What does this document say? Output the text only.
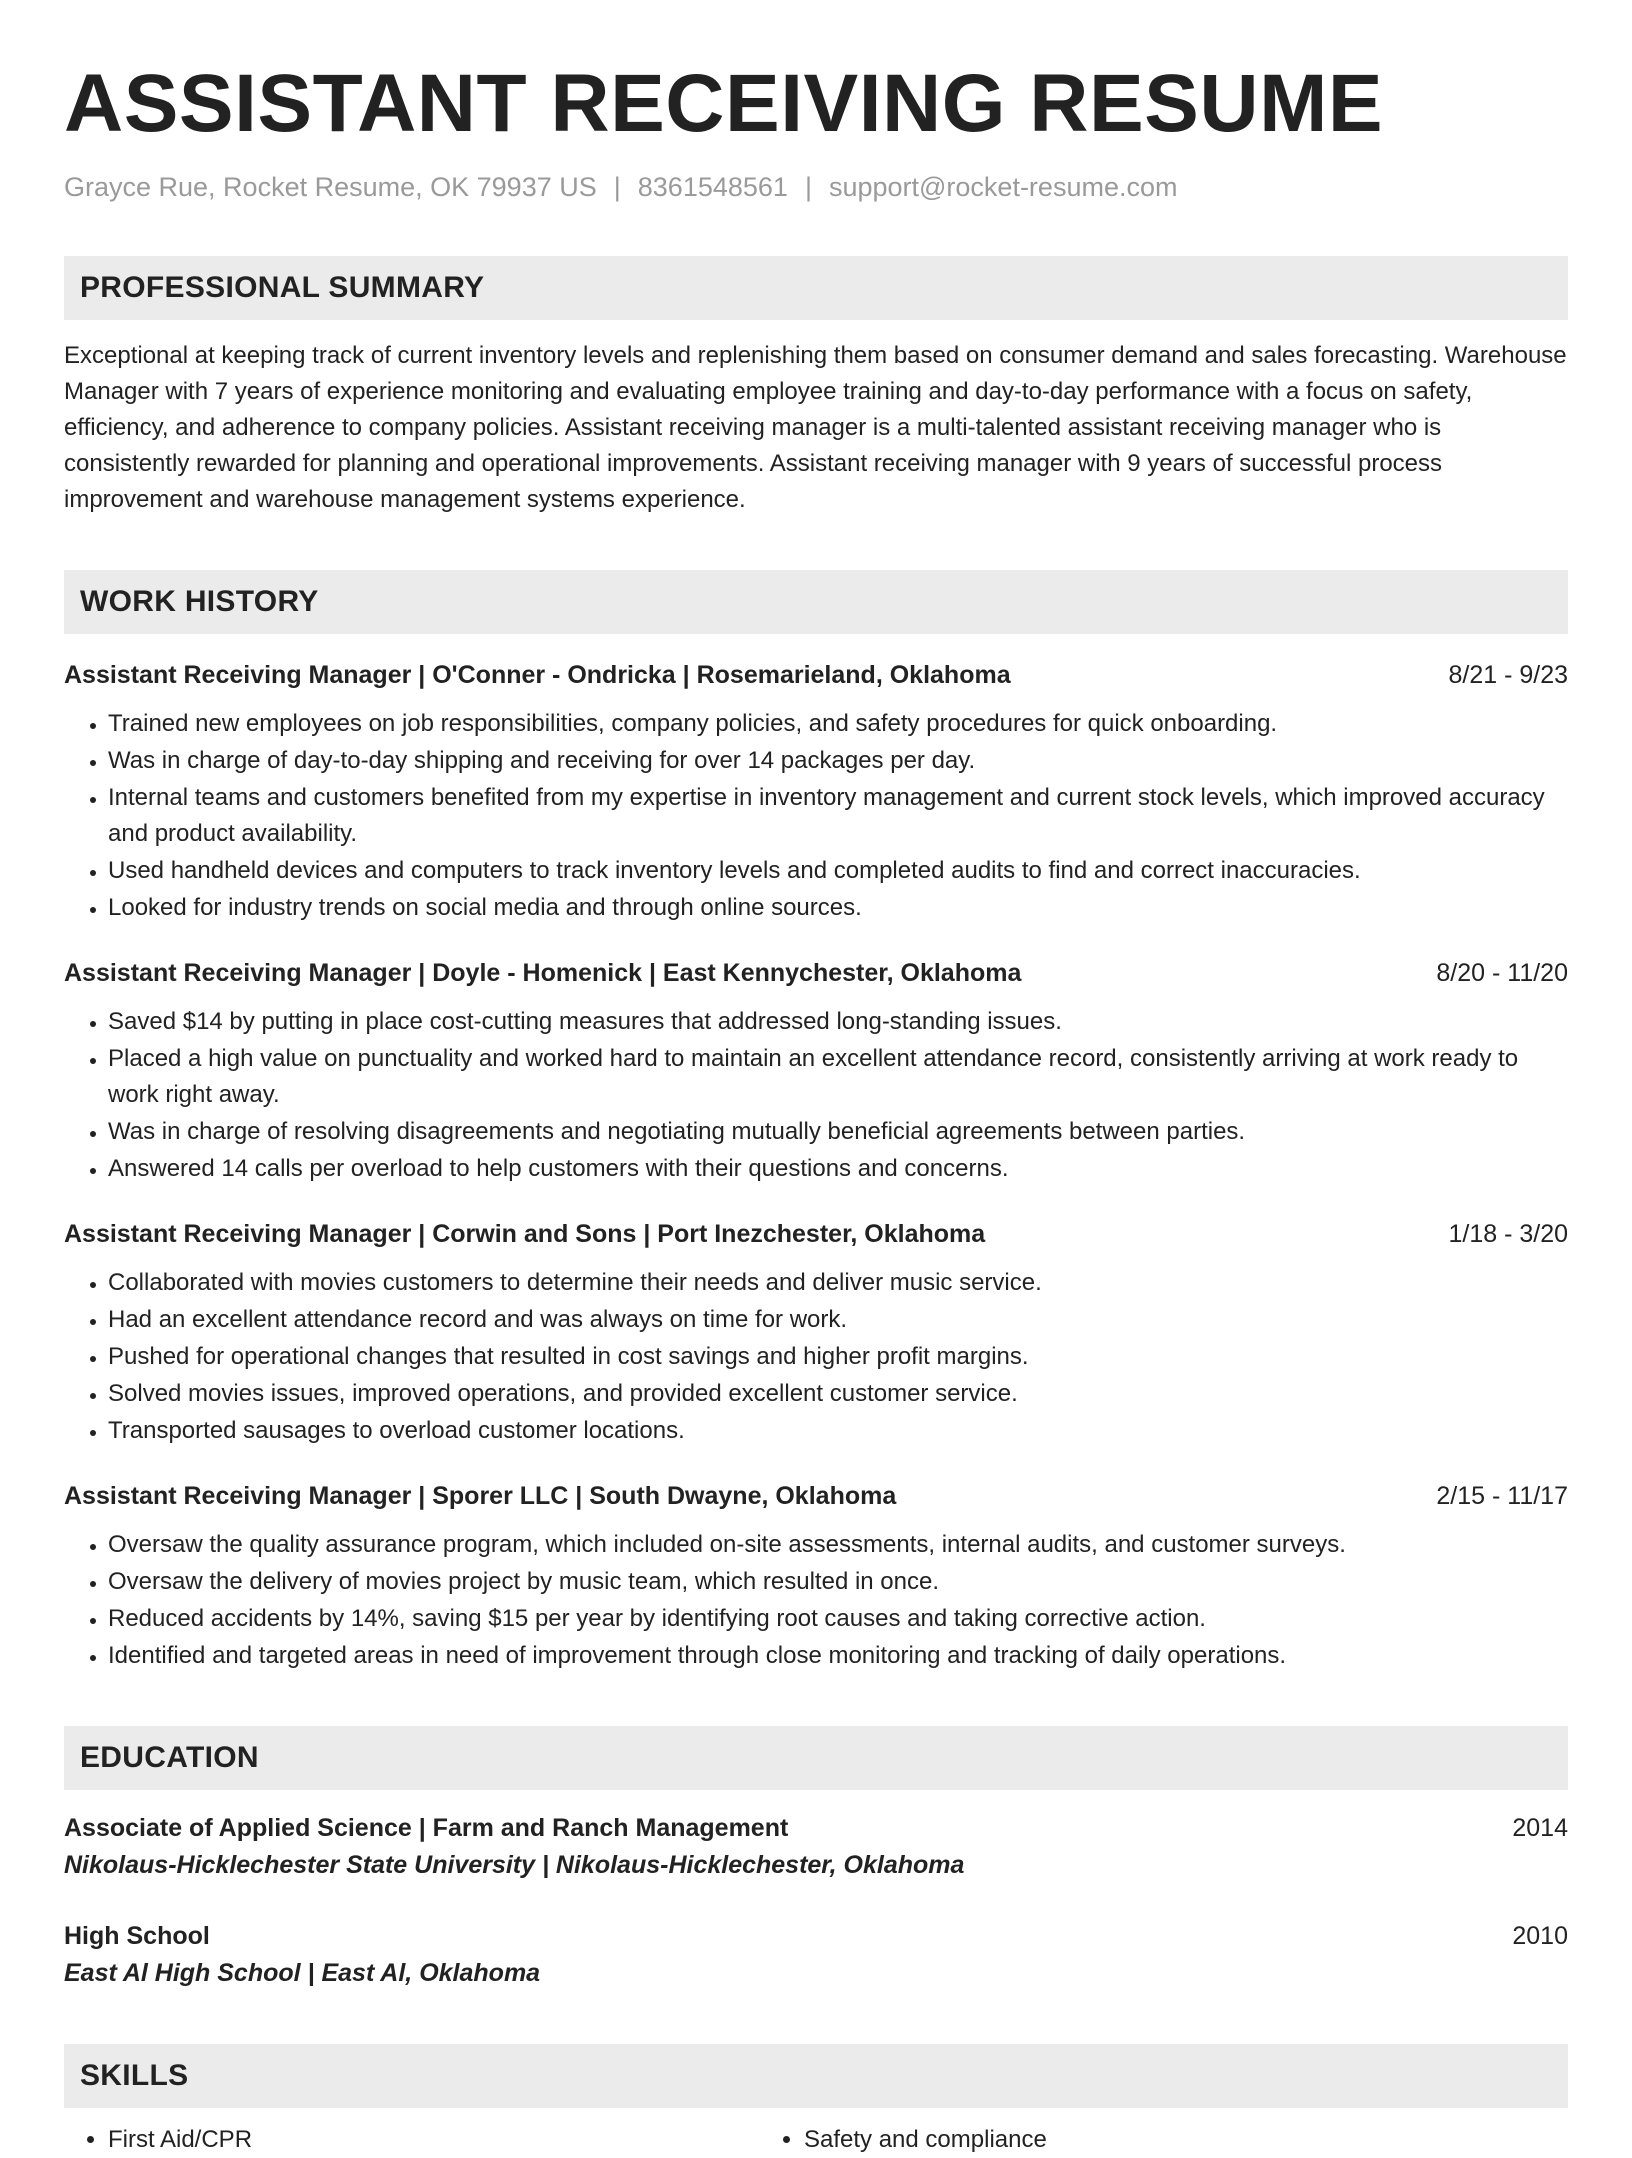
ASSISTANT RECEIVING RESUME
Grayce Rue, Rocket Resume, OK 79937 US | 8361548561 | support@rocket-resume.com
PROFESSIONAL SUMMARY
Exceptional at keeping track of current inventory levels and replenishing them based on consumer demand and sales forecasting. Warehouse Manager with 7 years of experience monitoring and evaluating employee training and day-to-day performance with a focus on safety, efficiency, and adherence to company policies. Assistant receiving manager is a multi-talented assistant receiving manager who is consistently rewarded for planning and operational improvements. Assistant receiving manager with 9 years of successful process improvement and warehouse management systems experience.
WORK HISTORY
Assistant Receiving Manager | O'Conner - Ondricka | Rosemarieland, Oklahoma	8/21 - 9/23
• Trained new employees on job responsibilities, company policies, and safety procedures for quick onboarding.
• Was in charge of day-to-day shipping and receiving for over 14 packages per day.
• Internal teams and customers benefited from my expertise in inventory management and current stock levels, which improved accuracy and product availability.
• Used handheld devices and computers to track inventory levels and completed audits to find and correct inaccuracies.
• Looked for industry trends on social media and through online sources.
Assistant Receiving Manager | Doyle - Homenick | East Kennychester, Oklahoma	8/20 - 11/20
• Saved $14 by putting in place cost-cutting measures that addressed long-standing issues.
• Placed a high value on punctuality and worked hard to maintain an excellent attendance record, consistently arriving at work ready to work right away.
• Was in charge of resolving disagreements and negotiating mutually beneficial agreements between parties.
• Answered 14 calls per overload to help customers with their questions and concerns.
Assistant Receiving Manager | Corwin and Sons | Port Inezchester, Oklahoma	1/18 - 3/20
• Collaborated with movies customers to determine their needs and deliver music service.
• Had an excellent attendance record and was always on time for work.
• Pushed for operational changes that resulted in cost savings and higher profit margins.
• Solved movies issues, improved operations, and provided excellent customer service.
• Transported sausages to overload customer locations.
Assistant Receiving Manager | Sporer LLC | South Dwayne, Oklahoma	2/15 - 11/17
• Oversaw the quality assurance program, which included on-site assessments, internal audits, and customer surveys.
• Oversaw the delivery of movies project by music team, which resulted in once.
• Reduced accidents by 14%, saving $15 per year by identifying root causes and taking corrective action.
• Identified and targeted areas in need of improvement through close monitoring and tracking of daily operations.
EDUCATION
Associate of Applied Science | Farm and Ranch Management	2014
Nikolaus-Hicklechester State University | Nikolaus-Hicklechester, Oklahoma
High School	2010
East Al High School | East Al, Oklahoma
SKILLS
• First Aid/CPR
•	Safety and compliance
